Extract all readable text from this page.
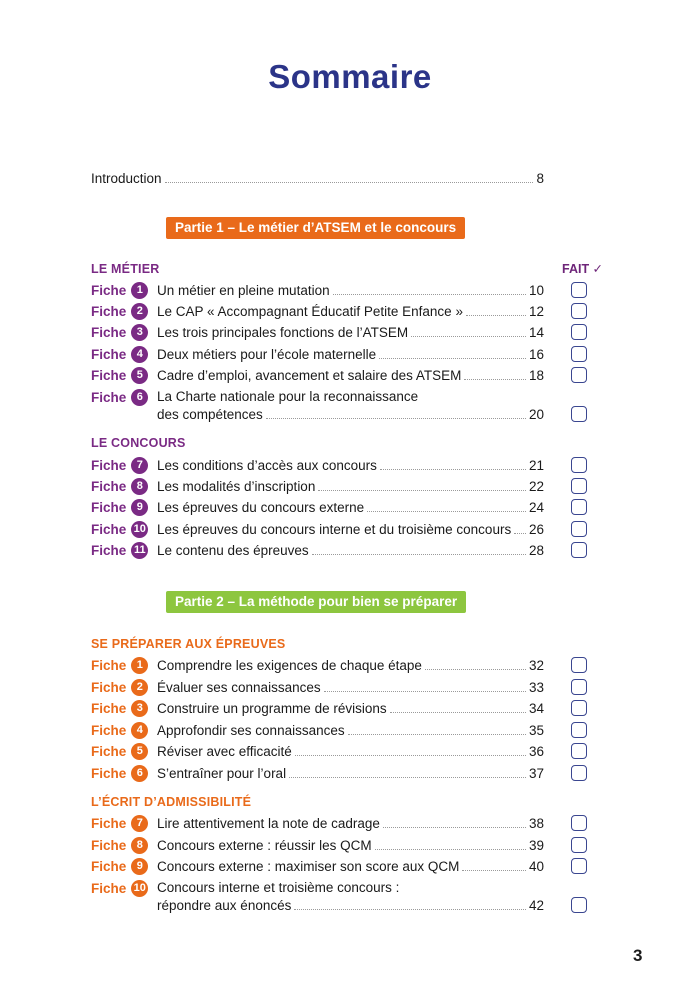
Sommaire
Introduction	8
Partie 1 – Le métier d’ATSEM et le concours
LE MÉTIER	FAIT ✓
Fiche 1	Un métier en pleine mutation	10
Fiche 2	Le CAP « Accompagnant Éducatif Petite Enfance »	12
Fiche 3	Les trois principales fonctions de l’ATSEM	14
Fiche 4	Deux métiers pour l’école maternelle	16
Fiche 5	Cadre d’emploi, avancement et salaire des ATSEM	18
Fiche 6	La Charte nationale pour la reconnaissance
des compétences	20
Fiche 7	Les conditions d’accès aux concours	21
Fiche 8	Les modalités d’inscription	22
Fiche 9	Les épreuves du concours externe	24
Fiche 10 Les épreuves du concours interne et du troisième concours 26
Fiche 11 Le contenu des épreuves	28
Fiche 1	Comprendre les exigences de chaque étape	32
Fiche 2	Évaluer ses connaissances	33
Fiche 3	Construire un programme de révisions	34
Fiche 4	Approfondir ses connaissances	35
Fiche 5	Réviser avec efficacité	36
Fiche 6	S’entraîner pour l’oral	37
Fiche 7	Lire attentivement la note de cadrage	38
Fiche 8	Concours externe : réussir les QCM	39
Fiche 9	Concours externe : maximiser son score aux QCM	40
Fiche 10 Concours interne et troisième concours :
répondre aux énoncés	42
LE CONCOURS
Partie 2 – La méthode pour bien se préparer
SE PRÉPARER AUX ÉPREUVES
L’ÉCRIT D’ADMISSIBILITÉ
3
